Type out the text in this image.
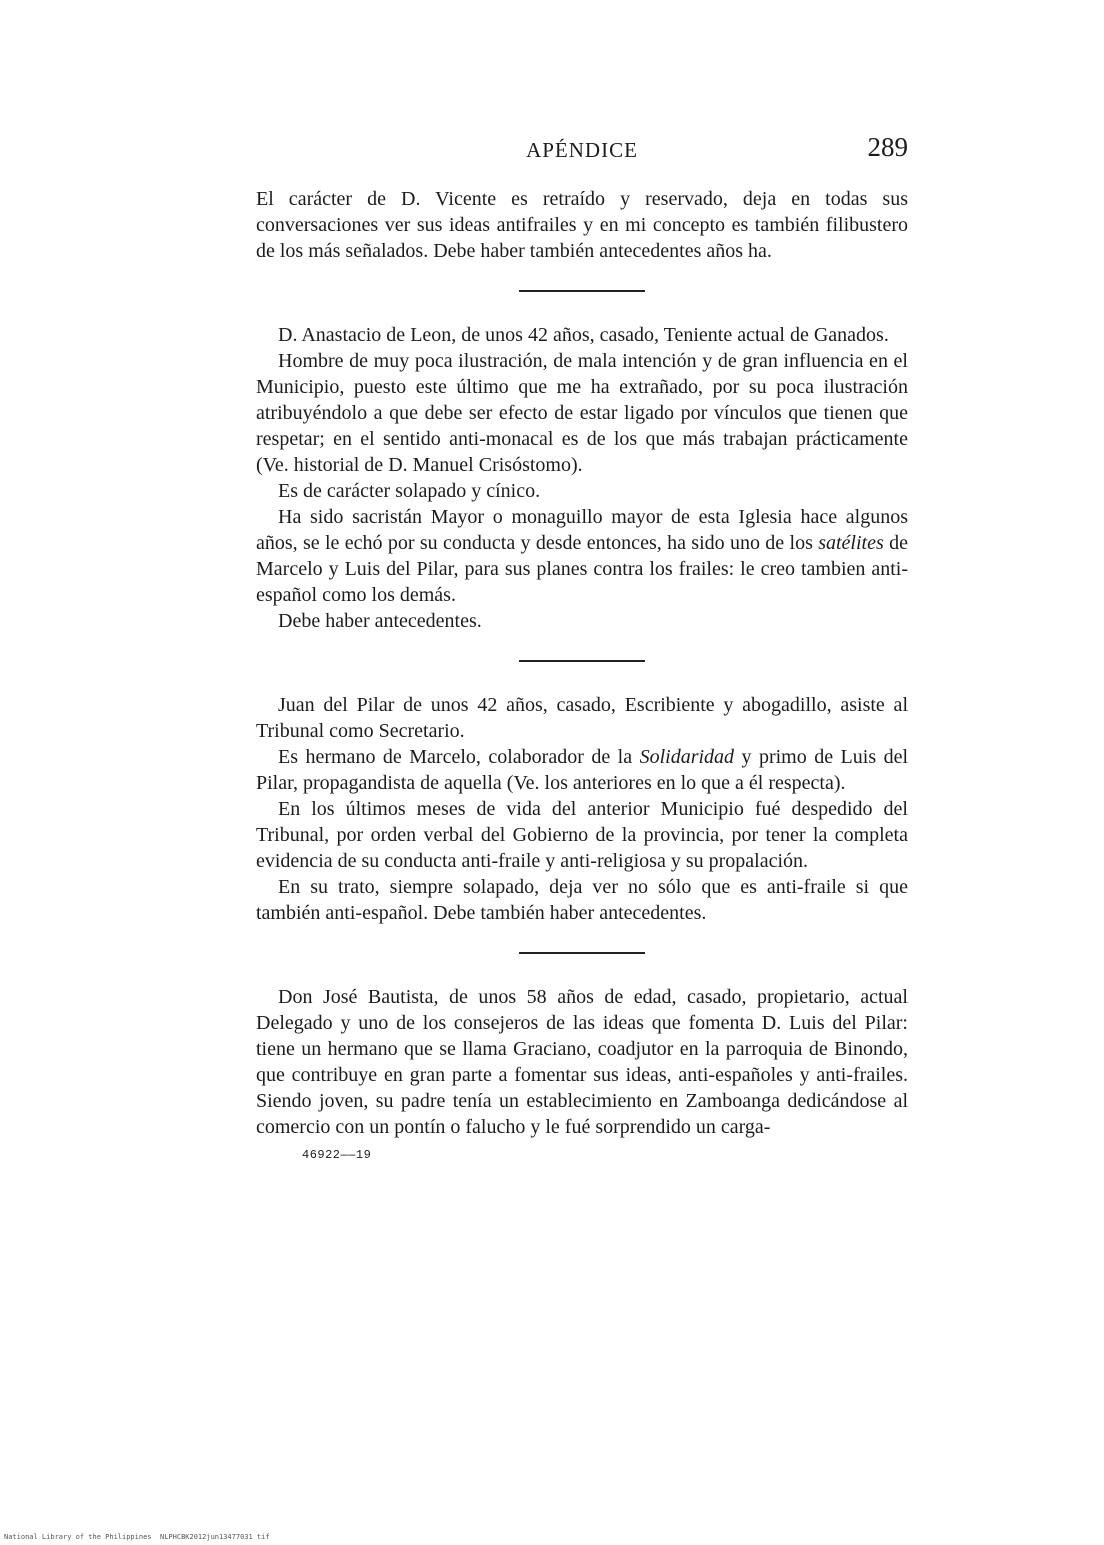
APÉNDICE	289

El carácter de D. Vicente es retraído y reservado, deja en todas sus conversaciones ver sus ideas antifrailes y en mi concepto es también filibustero de los más señalados. Debe haber también antecedentes años ha.

D. Anastacio de Leon, de unos 42 años, casado, Teniente actual de Ganados.

Hombre de muy poca ilustración, de mala intención y de gran influencia en el Municipio, puesto este último que me ha extrañado, por su poca ilustración atribuyéndolo a que debe ser efecto de estar ligado por vínculos que tienen que respetar; en el sentido anti-monacal es de los que más trabajan prácticamente (Ve. historial de D. Manuel Crisóstomo).

Es de carácter solapado y cínico.

Ha sido sacristán Mayor o monaguillo mayor de esta Iglesia hace algunos años, se le echó por su conducta y desde entonces, ha sido uno de los satélites de Marcelo y Luis del Pilar, para sus planes contra los frailes: le creo tambien anti-español como los demás.

Debe haber antecedentes.

Juan del Pilar de unos 42 años, casado, Escribiente y abogadillo, asiste al Tribunal como Secretario.

Es hermano de Marcelo, colaborador de la Solidaridad y primo de Luis del Pilar, propagandista de aquella (Ve. los anteriores en lo que a él respecta).

En los últimos meses de vida del anterior Municipio fué despedido del Tribunal, por orden verbal del Gobierno de la provincia, por tener la completa evidencia de su conducta anti-fraile y anti-religiosa y su propalación.

En su trato, siempre solapado, deja ver no sólo que es anti-fraile si que también anti-español. Debe también haber antecedentes.

Don José Bautista, de unos 58 años de edad, casado, propietario, actual Delegado y uno de los consejeros de las ideas que fomenta D. Luis del Pilar: tiene un hermano que se llama Graciano, coadjutor en la parroquia de Binondo, que contribuye en gran parte a fomentar sus ideas, anti-españoles y anti-frailes. Siendo joven, su padre tenía un establecimiento en Zamboanga dedicándose al comercio con un pontín o falucho y le fué sorprendido un carga-

46922——19
National Library of the Philippines NLPHCBK2012jun13477031 tif
